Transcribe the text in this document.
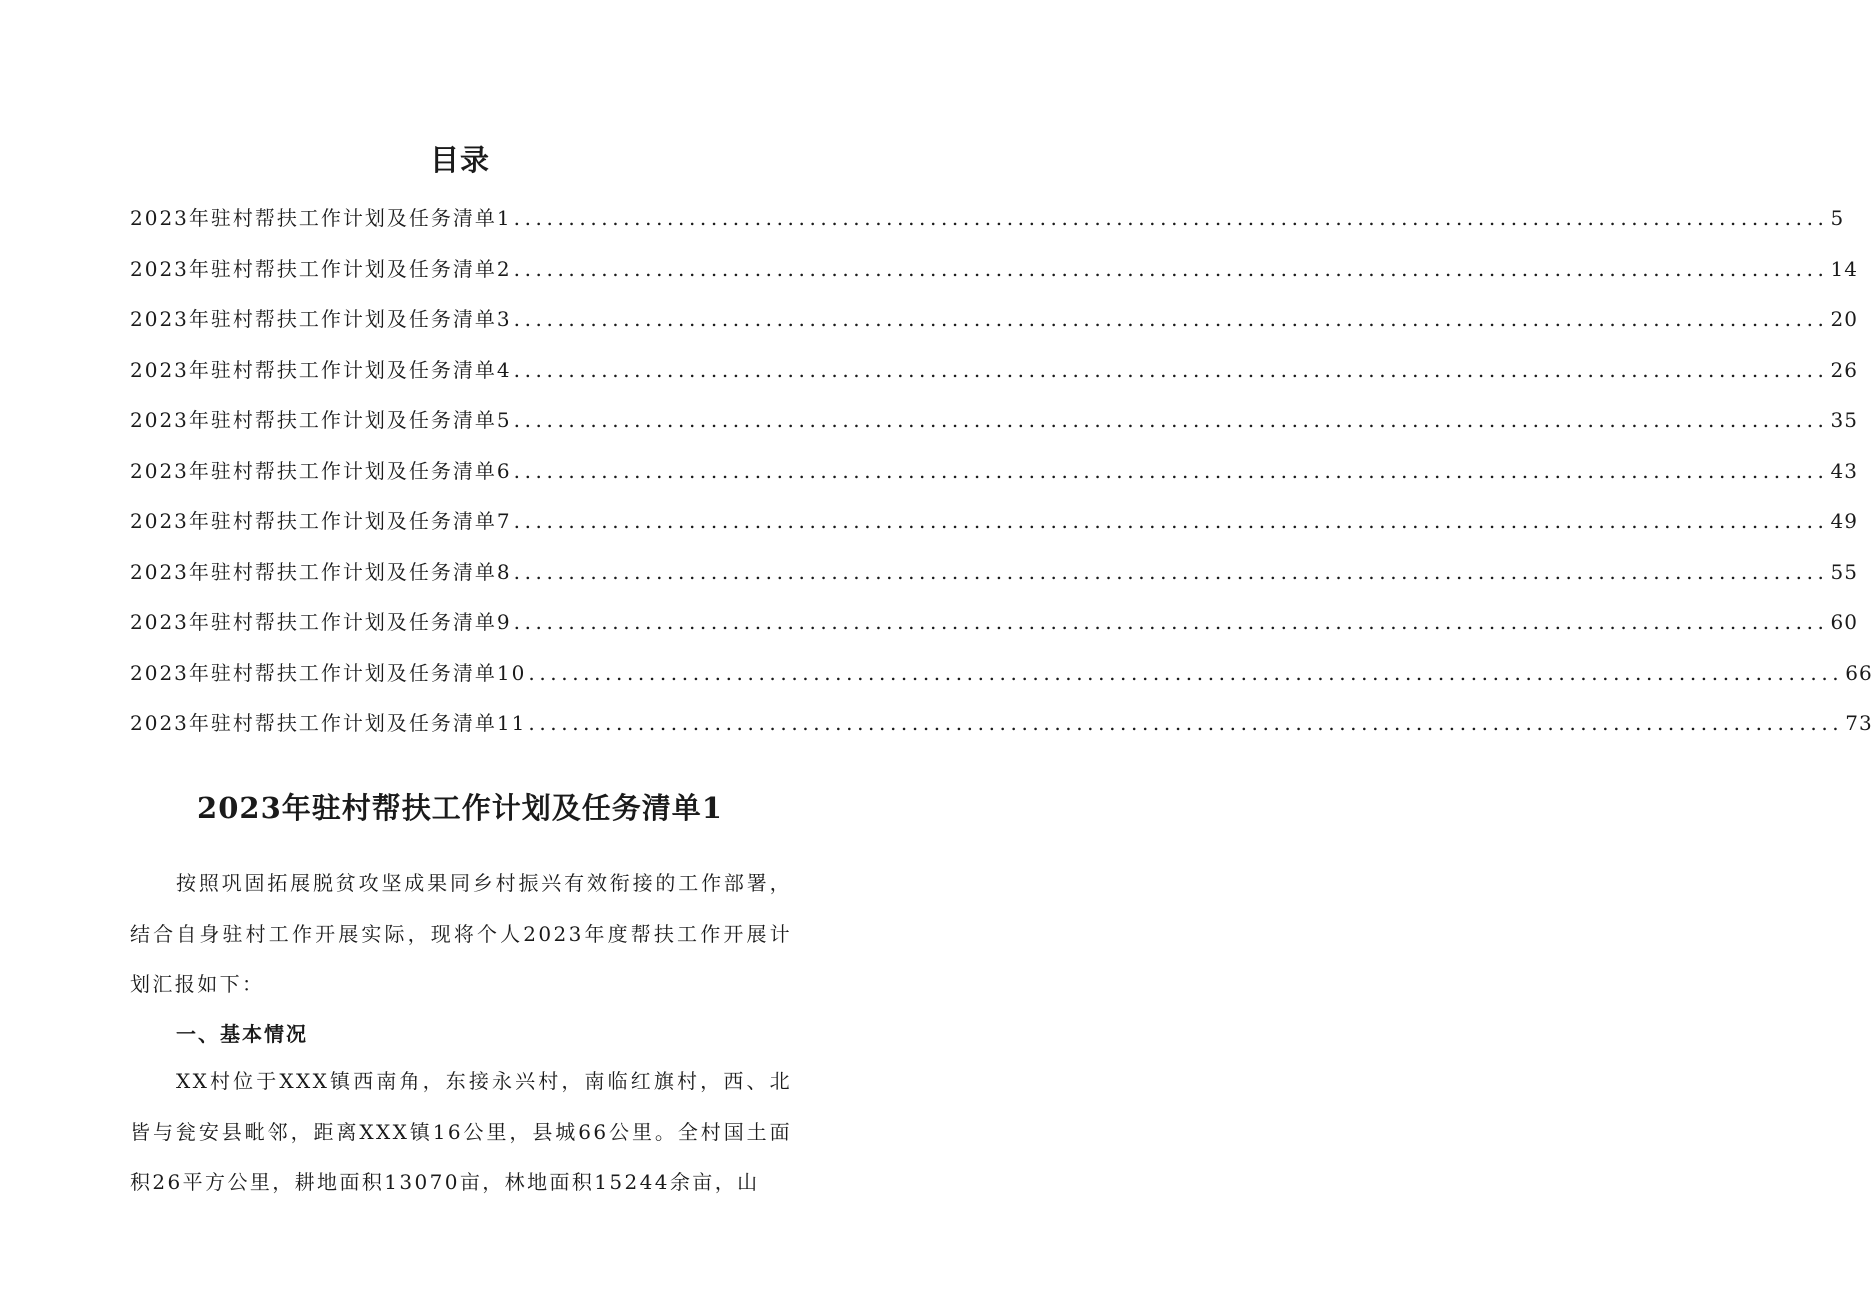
目录
2023年驻村帮扶工作计划及任务清单1 ........................................................................................................................ 5
2023年驻村帮扶工作计划及任务清单2 ........................................................................................................................ 14
2023年驻村帮扶工作计划及任务清单3 ........................................................................................................................ 20
2023年驻村帮扶工作计划及任务清单4 ........................................................................................................................ 26
2023年驻村帮扶工作计划及任务清单5 ........................................................................................................................ 35
2023年驻村帮扶工作计划及任务清单6 ........................................................................................................................ 43
2023年驻村帮扶工作计划及任务清单7 ........................................................................................................................ 49
2023年驻村帮扶工作计划及任务清单8 ........................................................................................................................ 55
2023年驻村帮扶工作计划及任务清单9 ........................................................................................................................ 60
2023年驻村帮扶工作计划及任务清单10 ........................................................................................................................ 66
2023年驻村帮扶工作计划及任务清单11 ........................................................................................................................ 73
2023年驻村帮扶工作计划及任务清单1

按照巩固拓展脱贫攻坚成果同乡村振兴有效衔接的工作部署，结合自身驻村工作开展实际，现将个人2023年度帮扶工作开展计划汇报如下：

一、基本情况

XX村位于XXX镇西南角，东接永兴村，南临红旗村，西、北皆与瓮安县毗邻，距离XXX镇16公里，县城66公里。全村国土面积26平方公里，耕地面积13070亩，林地面积15244余亩，山
